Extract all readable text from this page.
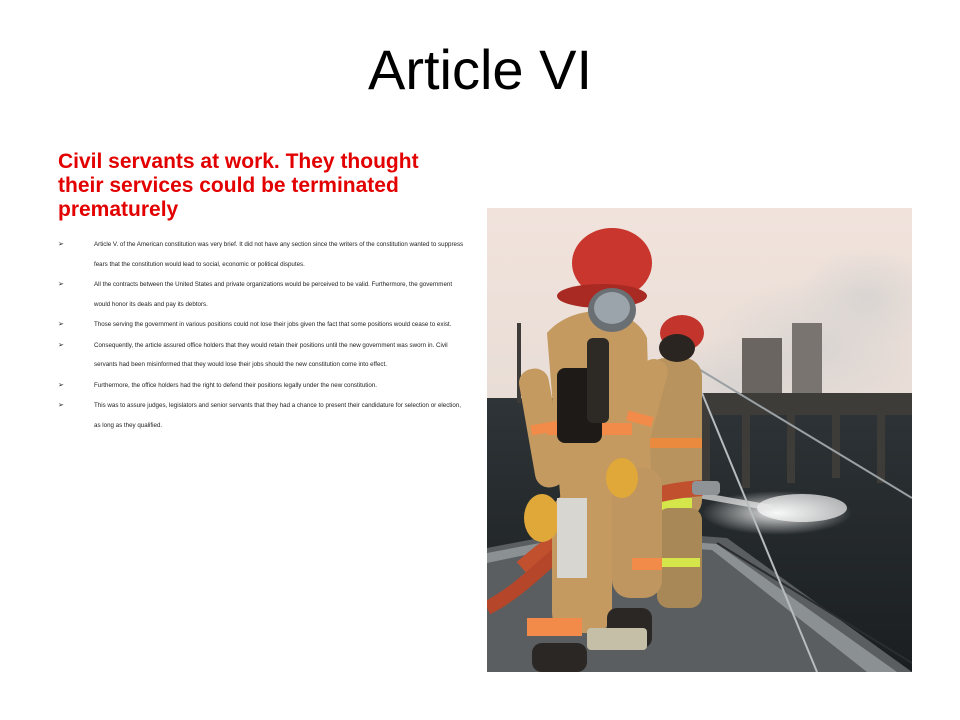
Article VI
Civil servants at work. They thought their services could be terminated prematurely
➢	Article V. of the American constitution was very brief. It did not have any section since the writers of the constitution wanted to suppress fears that the constitution would lead to social, economic or political disputes.
➢	All the contracts between the United States and private organizations would be perceived to be valid. Furthermore, the government would honor its deals and pay its debtors.
➢	Those serving the government in various positions could not lose their jobs given the fact that some positions would cease to exist.
➢	Consequently, the article assured office holders that they would retain their positions until the new government was sworn in. Civil servants had been misinformed that they would lose their jobs should the new constitution come into effect.
➢	Furthermore, the office holders had the right to defend their positions legally under the new constitution.
➢	This was to assure judges, legislators and senior servants that they had a chance to present their candidature for selection or election, as long as they qualified.
